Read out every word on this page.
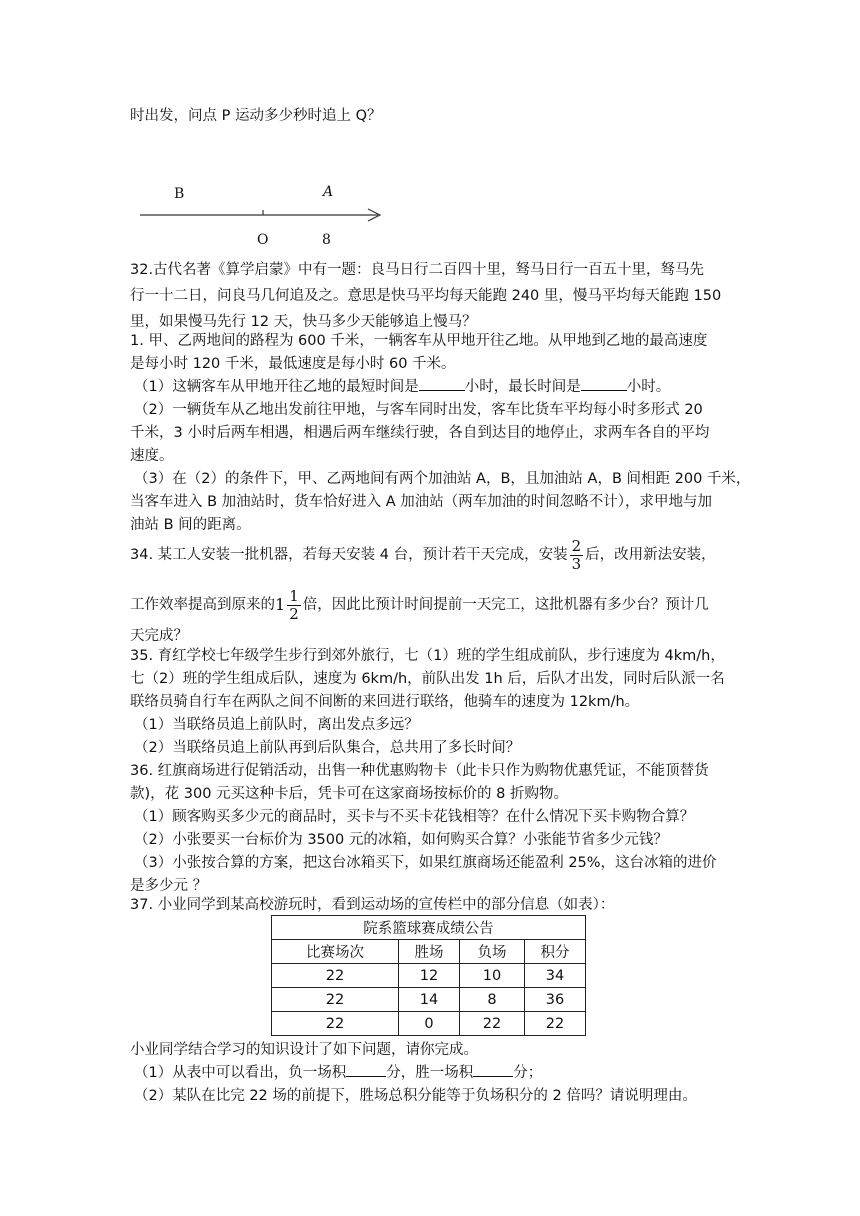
时出发，问点 P 运动多少秒时追上 Q？
B	A
O	8
32.古代名著《算学启蒙》中有一题：良马日行二百四十里，驽马日行一百五十里，驽马先
行一十二日，问良马几何追及之。意思是快马平均每天能跑 240 里，慢马平均每天能跑 150
里，如果慢马先行 12 天，快马多少天能够追上慢马？
1. 甲、乙两地间的路程为 600 千米，一辆客车从甲地开往乙地。从甲地到乙地的最高速度
是每小时 120 千米，最低速度是每小时 60 千米。
（1）这辆客车从甲地开往乙地的最短时间是	小时，最长时间是	小时。
（2）一辆货车从乙地出发前往甲地，与客车同时出发，客车比货车平均每小时多形式 20
千米，3 小时后两车相遇，相遇后两车继续行驶，各自到达目的地停止，求两车各自的平均
速度。
（3）在（2）的条件下，甲、乙两地间有两个加油站 A，B，且加油站 A，B 间相距 200 千米，
当客车进入 B 加油站时，货车恰好进入 A 加油站（两车加油的时间忽略不计），求甲地与加
油站 B 间的距离。
34. 某工人安装一批机器，若每天安装 4 台，预计若干天完成，安装 $\frac{2}{3}$ 后，改用新法安装，
工作效率提高到原来的$1 \frac{1}{2}$ 倍，因此比预计时间提前一天完工，这批机器有多少台？预计几
天完成？
35. 育红学校七年级学生步行到郊外旅行，七（1）班的学生组成前队，步行速度为 4km/h，
七（2）班的学生组成后队，速度为 6km/h，前队出发 1h 后，后队才出发，同时后队派一名
联络员骑自行车在两队之间不间断的来回进行联络，他骑车的速度为 12km/h。
（1）当联络员追上前队时，离出发点多远？
（2）当联络员追上前队再到后队集合，总共用了多长时间？
36. 红旗商场进行促销活动，出售一种优惠购物卡（此卡只作为购物优惠凭证，不能顶替货
款)，花 300 元买这种卡后，凭卡可在这家商场按标价的 8 折购物。
（1）顾客购买多少元的商品时，买卡与不买卡花钱相等？在什么情况下买卡购物合算？
（2）小张要买一台标价为 3500 元的冰箱，如何购买合算？小张能节省多少元钱？
（3）小张按合算的方案，把这台冰箱买下，如果红旗商场还能盈利 25%，这台冰箱的进价
是多少元 ？
37. 小业同学到某高校游玩时，看到运动场的宣传栏中的部分信息（如表）：
院系篮球赛成绩公告			
比赛场次	胜场	负场	积分
22	12	10	34
22	14	8	36
22	0	22	22
小业同学结合学习的知识设计了如下问题，请你完成。
（1）从表中可以看出，负一场积	分，胜一场积	分；
（2）某队在比完 22 场的前提下，胜场总积分能等于负场积分的 2 倍吗？请说明理由。
